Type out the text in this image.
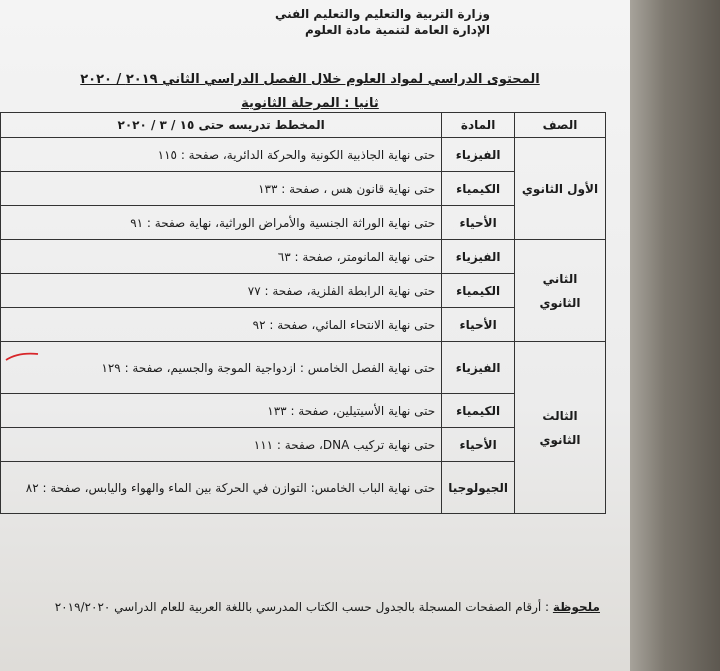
وزارة التربية والتعليم والتعليم الفني
الإدارة العامة لتنمية مادة العلوم
المحتوى الدراسي لمواد العلوم خلال الفصل الدراسي الثاني ٢٠١٩ / ٢٠٢٠
ثانيا : المرحلة الثانوية
الصف	المادة	المخطط تدريسه حتى ١٥ / ٣ / ٢٠٢٠
الأول الثانوي	الفيزياء	حتى نهاية الجاذبية الكونية والحركة الدائرية، صفحة : ١١٥
	الكيمياء	حتى نهاية قانون هس ، صفحة : ١٣٣
	الأحياء	حتى نهاية الوراثة الجنسية والأمراض الوراثية، نهاية صفحة : ٩١
الثاني الثانوي	الفيزياء	حتى نهاية المانومتر، صفحة : ٦٣
	الكيمياء	حتى نهاية الرابطة الفلزية، صفحة : ٧٧
	الأحياء	حتى نهاية الانتحاء المائي، صفحة : ٩٢
الثالث الثانوي	الفيزياء	حتى نهاية الفصل الخامس : ازدواجية الموجة والجسيم، صفحة : ١٢٩
	الكيمياء	حتى نهاية الأسيتيلين، صفحة : ١٣٣
	الأحياء	حتى نهاية تركيب DNA، صفحة : ١١١
	الجيولوجيا	حتى نهاية الباب الخامس: التوازن في الحركة بين الماء والهواء واليابس، صفحة : ٨٢
ملحوظة : أرقام الصفحات المسجلة بالجدول حسب الكتاب المدرسي باللغة العربية للعام الدراسي ٢٠١٩/٢٠٢٠
